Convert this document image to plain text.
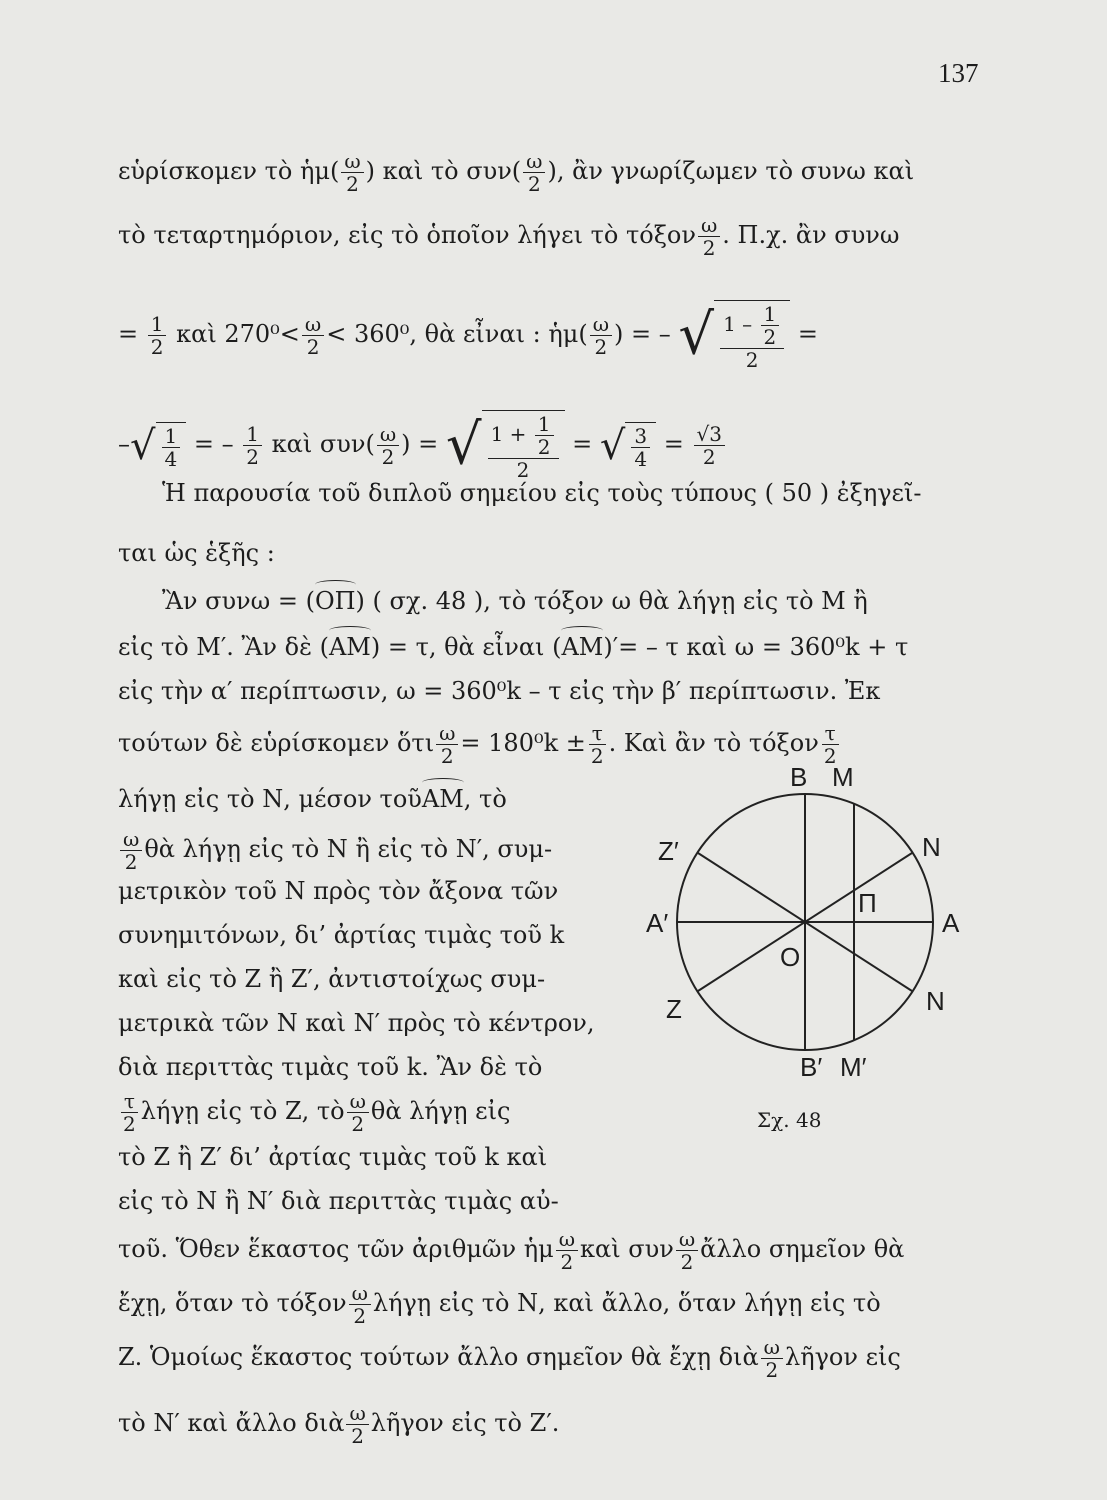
137
εὑρίσκομεν τὸ ἡμ( $\frac{\omega}{2}$ ) καὶ τὸ $\sigma\upsilon\nu( \frac{\omega}{2}$ ), ἂν γνωρίζωμεν τὸ συνω καὶ
τὸ τεταρτημόριον, εἰς τὸ ὁποῖον λήγει τὸ τόξον $\frac{\omega}{2}$ . Π.χ. ἂν συνω
= $\frac{1}{2}$ καὶ $270^0< \frac{\omega}{2} < 360^0$, θὰ εἶναι : ἡμ( $\frac{\omega}{2}$ ) = – √ $\frac{1 - \frac{1}{2}}{2}$ =
–√ $\frac{1}{4}$ = – $\frac{1}{2}$ καὶ $\sigma\upsilon\nu( \frac{\omega}{2}$ ) = √ $\frac{1 + \frac{1}{2}}{2}$ = √ $\frac{3}{4} = \frac{√3}{2}$
Ἡ παρουσία τοῦ διπλοῦ σημείου εἰς τοὺς τύπους ( 50 ) ἐξηγεῖ-
ται ὡς ἑξῆς :
Ἂν συνω = (ΟΠ) ( σχ. 48 ), τὸ τόξον ω θὰ λήγῃ εἰς τὸ Μ ἢ
εἰς τὸ Μ′. Ἂν δὲ (ΑΜ) = τ, θὰ εἶναι (ΑΜ)′= – τ καὶ ω = 360⁰k + τ
εἰς τὴν α′ περίπτωσιν, ω = 360⁰k – τ εἰς τὴν β′ περίπτωσιν. Ἐκ
τούτων δὲ εὑρίσκομεν ὅτι $\frac{\omega}{2} = 180^0k \pm \frac{\tau}{2}$ . Καὶ ἂν τὸ τόξον $\frac{\tau}{2}$
λήγῃ εἰς τὸ Ν, μέσον τοῦΑΜ, τὸ
$\frac{\omega}{2}$ θὰ λήγῃ εἰς τὸ Ν ἢ εἰς τὸ Ν′, συμ-
μετρικὸν τοῦ Ν πρὸς τὸν ἄξονα τῶν
συνημιτόνων, δι’ ἀρτίας τιμὰς τοῦ k
καὶ εἰς τὸ Ζ ἢ Ζ′, ἀντιστοίχως συμ-
μετρικὰ τῶν Ν καὶ Ν′ πρὸς τὸ κέντρον,
διὰ περιττὰς τιμὰς τοῦ k. Ἂν δὲ τὸ
$\frac{\tau}{2}$ λήγῃ εἰς τὸ Ζ, τὸ $\frac{\omega}{2}$ θὰ λήγῃ εἰς
τὸ Ζ ἢ Ζ′ δι’ ἀρτίας τιμὰς τοῦ k καὶ
εἰς τὸ Ν ἢ Ν′ διὰ περιττὰς τιμὰς αὐ-
τοῦ. Ὅθεν ἕκαστος τῶν ἀριθμῶν ἡμ $\frac{\omega}{2}$ καὶ συν $\frac{\omega}{2}$ ἄλλο σημεῖον θὰ
ἔχῃ, ὅταν τὸ τόξον $\frac{\omega}{2}$ λήγῃ εἰς τὸ Ν, καὶ ἄλλο, ὅταν λήγῃ εἰς τὸ
Ζ. Ὁμοίως ἕκαστος τούτων ἄλλο σημεῖον θὰ ἔχῃ διὰ $\frac{\omega}{2}$ λῆγον εἰς
τὸ Ν′ καὶ ἄλλο διὰ $\frac{\omega}{2}$ λῆγον εἰς τὸ Ζ′.
Β Μ
Ζ′	Ν
Α′	Α
Π
Ο
Ζ	Ν
Β′ Μ′
Σχ. 48
